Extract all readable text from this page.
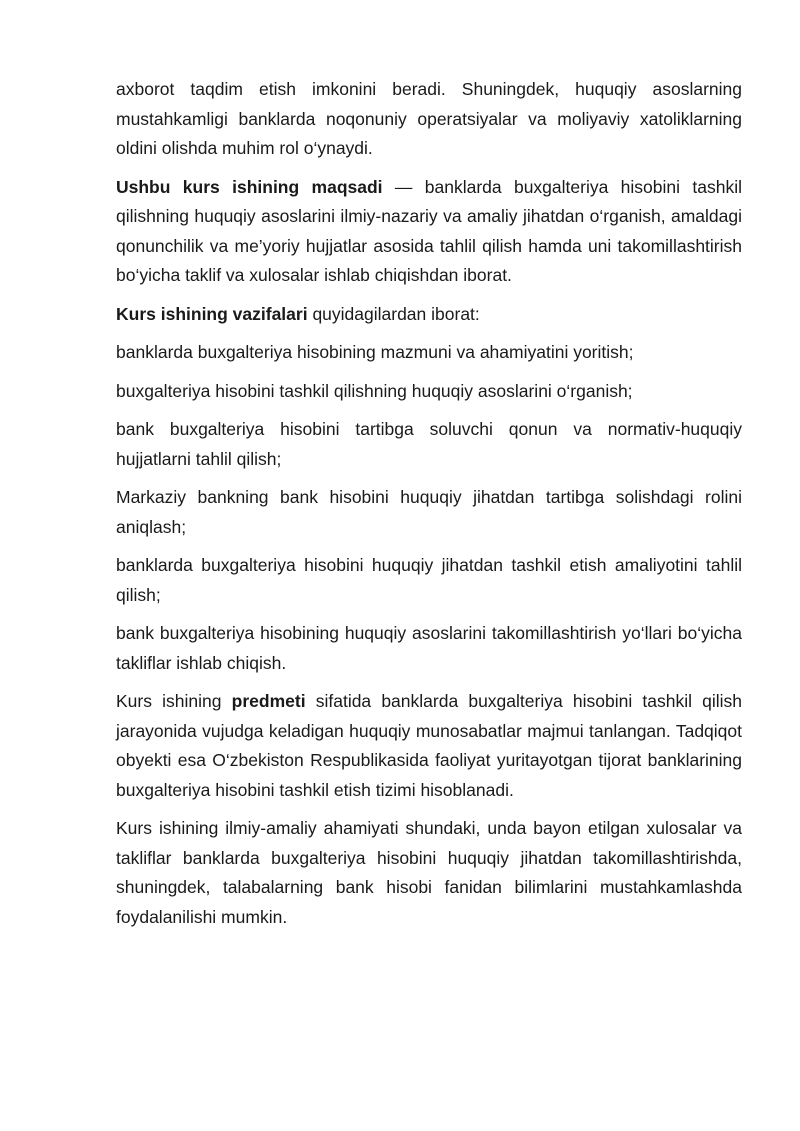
axborot taqdim etish imkonini beradi. Shuningdek, huquqiy asoslarning mustahkamligi banklarda noqonuniy operatsiyalar va moliyaviy xatoliklarning oldini olishda muhim rol o‘ynaydi.

Ushbu kurs ishining maqsadi — banklarda buxgalteriya hisobini tashkil qilishning huquqiy asoslarini ilmiy-nazariy va amaliy jihatdan o‘rganish, amaldagi qonunchilik va me’yoriy hujjatlar asosida tahlil qilish hamda uni takomillashtirish bo‘yicha taklif va xulosalar ishlab chiqishdan iborat.

Kurs ishining vazifalari quyidagilardan iborat:

banklarda buxgalteriya hisobining mazmuni va ahamiyatini yoritish;

buxgalteriya hisobini tashkil qilishning huquqiy asoslarini o‘rganish;

bank buxgalteriya hisobini tartibga soluvchi qonun va normativ-huquqiy hujjatlarni tahlil qilish;

Markaziy bankning bank hisobini huquqiy jihatdan tartibga solishdagi rolini aniqlash;

banklarda buxgalteriya hisobini huquqiy jihatdan tashkil etish amaliyotini tahlil qilish;

bank buxgalteriya hisobining huquqiy asoslarini takomillashtirish yo‘llari bo‘yicha takliflar ishlab chiqish.

Kurs ishining predmeti sifatida banklarda buxgalteriya hisobini tashkil qilish jarayonida vujudga keladigan huquqiy munosabatlar majmui tanlangan. Tadqiqot obyekti esa O‘zbekiston Respublikasida faoliyat yuritayotgan tijorat banklarining buxgalteriya hisobini tashkil etish tizimi hisoblanadi.

Kurs ishining ilmiy-amaliy ahamiyati shundaki, unda bayon etilgan xulosalar va takliflar banklarda buxgalteriya hisobini huquqiy jihatdan takomillashtirishda, shuningdek, talabalarning bank hisobi fanidan bilimlarini mustahkamlashda foydalanilishi mumkin.
